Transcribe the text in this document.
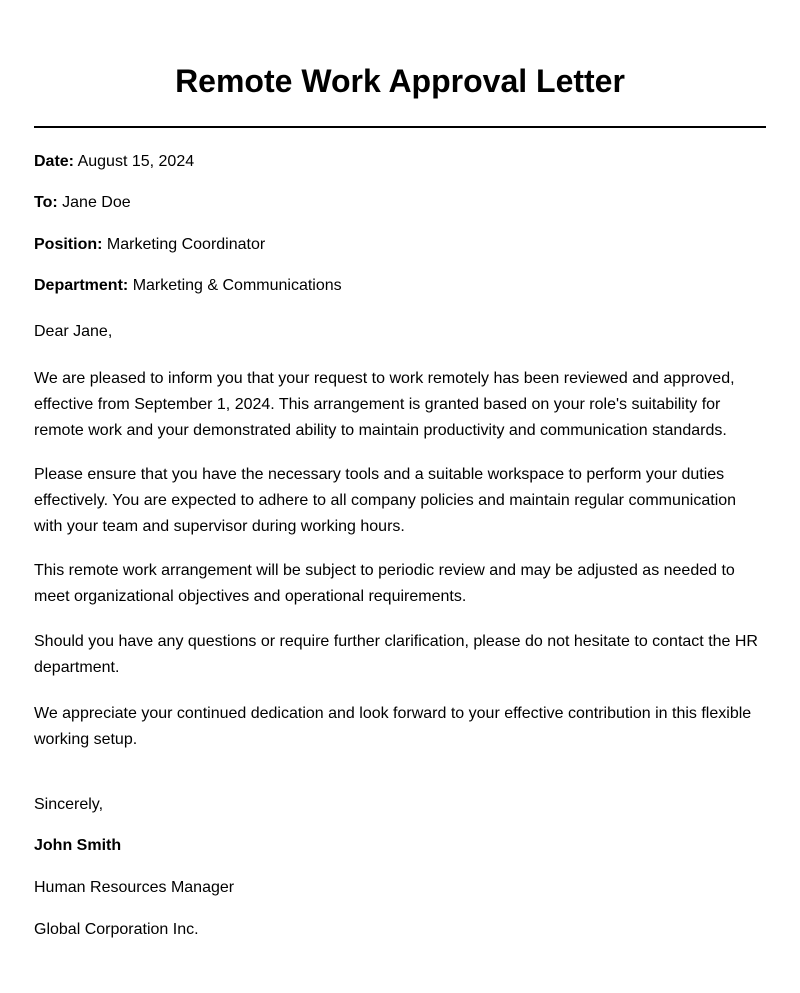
Remote Work Approval Letter

Date: August 15, 2024

To: Jane Doe

Position: Marketing Coordinator

Department: Marketing & Communications

Dear Jane,

We are pleased to inform you that your request to work remotely has been reviewed and approved, effective from September 1, 2024. This arrangement is granted based on your role's suitability for remote work and your demonstrated ability to maintain productivity and communication standards.

Please ensure that you have the necessary tools and a suitable workspace to perform your duties effectively. You are expected to adhere to all company policies and maintain regular communication with your team and supervisor during working hours.

This remote work arrangement will be subject to periodic review and may be adjusted as needed to meet organizational objectives and operational requirements.

Should you have any questions or require further clarification, please do not hesitate to contact the HR department.

We appreciate your continued dedication and look forward to your effective contribution in this flexible working setup.

Sincerely,

John Smith

Human Resources Manager

Global Corporation Inc.
